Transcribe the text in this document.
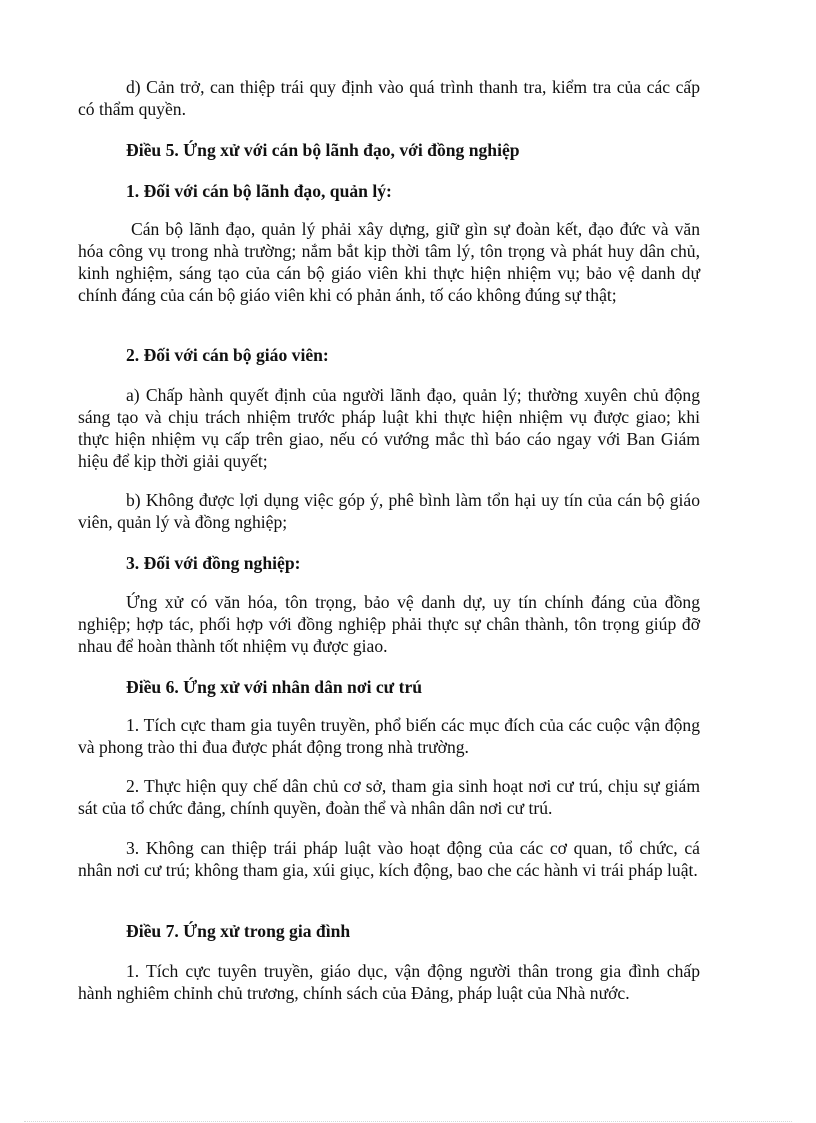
d) Cản trở, can thiệp trái quy định vào quá trình thanh tra, kiểm tra của các cấp có thẩm quyền.

Điều 5. Ứng xử với cán bộ lãnh đạo, với đồng nghiệp

1. Đối với cán bộ lãnh đạo, quản lý:

Cán bộ lãnh đạo, quản lý phải xây dựng, giữ gìn sự đoàn kết, đạo đức và văn hóa công vụ trong nhà trường; nắm bắt kịp thời tâm lý, tôn trọng và phát huy dân chủ, kinh nghiệm, sáng tạo của cán bộ giáo viên khi thực hiện nhiệm vụ; bảo vệ danh dự chính đáng của cán bộ giáo viên khi có phản ánh, tố cáo không đúng sự thật;

2. Đối với cán bộ giáo viên:

a) Chấp hành quyết định của người lãnh đạo, quản lý; thường xuyên chủ động sáng tạo và chịu trách nhiệm trước pháp luật khi thực hiện nhiệm vụ được giao; khi thực hiện nhiệm vụ cấp trên giao, nếu có vướng mắc thì báo cáo ngay với Ban Giám hiệu để kịp thời giải quyết;

b) Không được lợi dụng việc góp ý, phê bình làm tổn hại uy tín của cán bộ giáo viên, quản lý và đồng nghiệp;

3. Đối với đồng nghiệp:

Ứng xử có văn hóa, tôn trọng, bảo vệ danh dự, uy tín chính đáng của đồng nghiệp; hợp tác, phối hợp với đồng nghiệp phải thực sự chân thành, tôn trọng giúp đỡ nhau để hoàn thành tốt nhiệm vụ được giao.

Điều 6. Ứng xử với nhân dân nơi cư trú

1. Tích cực tham gia tuyên truyền, phổ biến các mục đích của các cuộc vận động và phong trào thi đua được phát động trong nhà trường.

2. Thực hiện quy chế dân chủ cơ sở, tham gia sinh hoạt nơi cư trú, chịu sự giám sát của tổ chức đảng, chính quyền, đoàn thể và nhân dân nơi cư trú.

3. Không can thiệp trái pháp luật vào hoạt động của các cơ quan, tổ chức, cá nhân nơi cư trú; không tham gia, xúi giục, kích động, bao che các hành vi trái pháp luật.

Điều 7. Ứng xử trong gia đình

1. Tích cực tuyên truyền, giáo dục, vận động người thân trong gia đình chấp hành nghiêm chỉnh chủ trương, chính sách của Đảng, pháp luật của Nhà nước.
